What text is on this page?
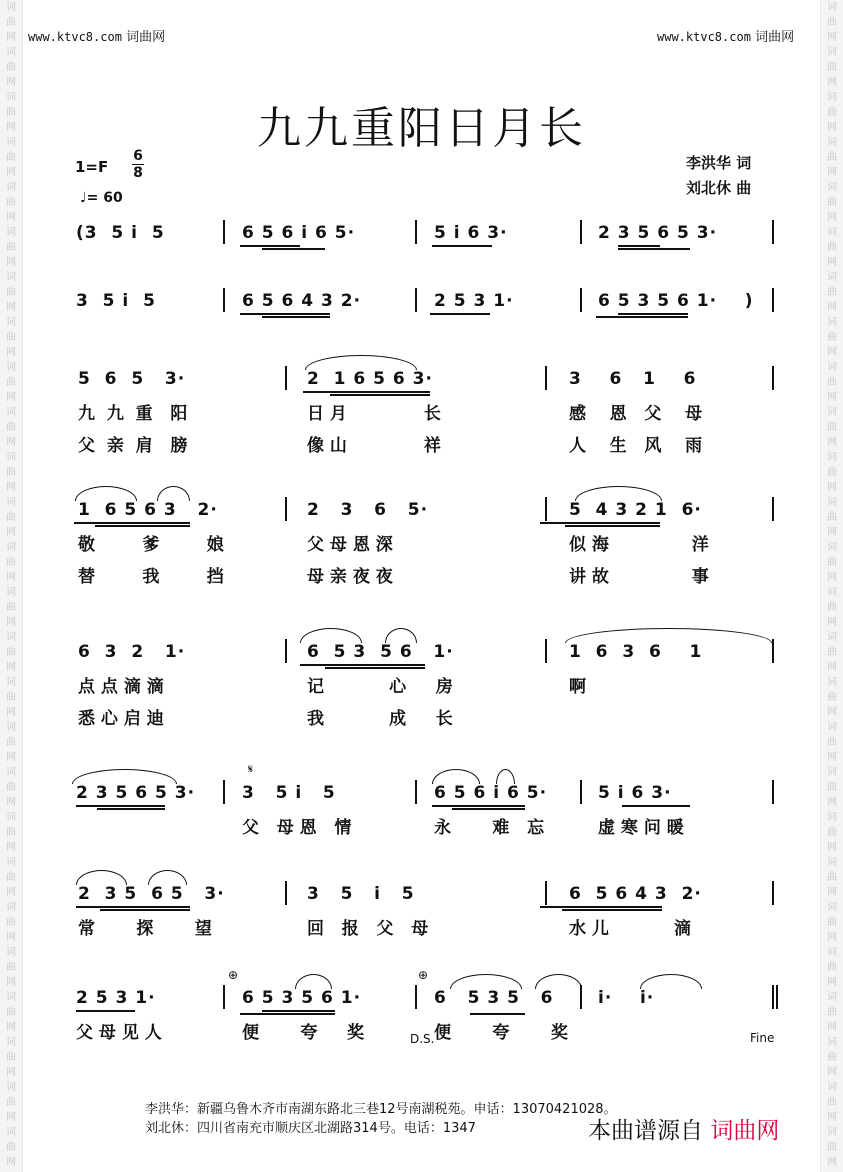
词
曲
网
词
曲
网
词
曲
网
词
曲
网
词
曲
网
词
曲
网
词
曲
网
词
曲
网
词
曲
网
词
曲
网
词
曲
网
词
曲
网
词
曲
网
词
曲
网
词
曲
网
词
曲
网
词
曲
网
词
曲
网
词
曲
网
词
曲
网
词
曲
网
词
曲
网
词
曲
网
词
曲
网
词
曲
网
词
曲
网
词
曲
网
词
曲
网
词
曲
网
词
曲
网
词
曲
网
词
曲
网
词
曲
网
词
曲
网
词
曲
网
词
曲
网
词
曲
网
词
曲
网
词
曲
网
词
曲
网
词
曲
网
词
曲
网
词
曲
网
词
曲
网
词
曲
网
词
曲
网
词
曲
网
词
曲
网
词
曲
网
词
曲
网
词
曲
网
词
曲
网
www.ktvc8.com 词曲网	www.ktvc8.com 词曲网
九九重阳日月长
1=F
6
8
♩= 60
李洪华 词
刘北休 曲
(3  5 i  5	6 5 6 i 6 5·	5 i 6 3·	2 3 5 6 5 3·
3  5 i  5	6 5 6 4 3 2·	2 5 3 1·	6 5 3 5 6 1·    )
5  6  5   3·	2  1 6 5 6 3·	3    6   1    6
九  九  重   阳	日 月             长	感    恩   父    母
父  亲  肩   膀	像 山             祥	人    生   风    雨
1  6 5 6 3   2·	2   3   6   5·	5  4 3 2 1  6·
敬        爹        娘	父 母 恩 深	似 海              洋
替        我        挡	母 亲 夜 夜	讲 故              事
6  3  2   1·	6  5 3  5 6   1·	1  6  3  6    1
点 点 滴 滴	记           心     房	啊
悉 心 启 迪	我           成     长
2 3 5 6 5 3·	3   5 i   5	6 5 6 i 6 5·	5 i 6 3·
父   母 恩   情	永       难   忘	虚 寒 问 暖
2  3 5  6 5   3·	3   5   i   5	6  5 6 4 3  2·
常       探       望	回   报   父   母	水 儿           滴
2 5 3 1·	6 5 3 5 6 1·	6   5 3 5   6	i·    i·
父 母 见 人	便       夸     奖	便       夸       奖
D.S.	Fine
𝄋
⊕	⊕
李洪华：新疆乌鲁木齐市南湖东路北三巷12号南湖税苑。申话：13070421028。
刘北休：四川省南充市顺庆区北湖路314号。电话：1347	本曲谱源自 词曲网
